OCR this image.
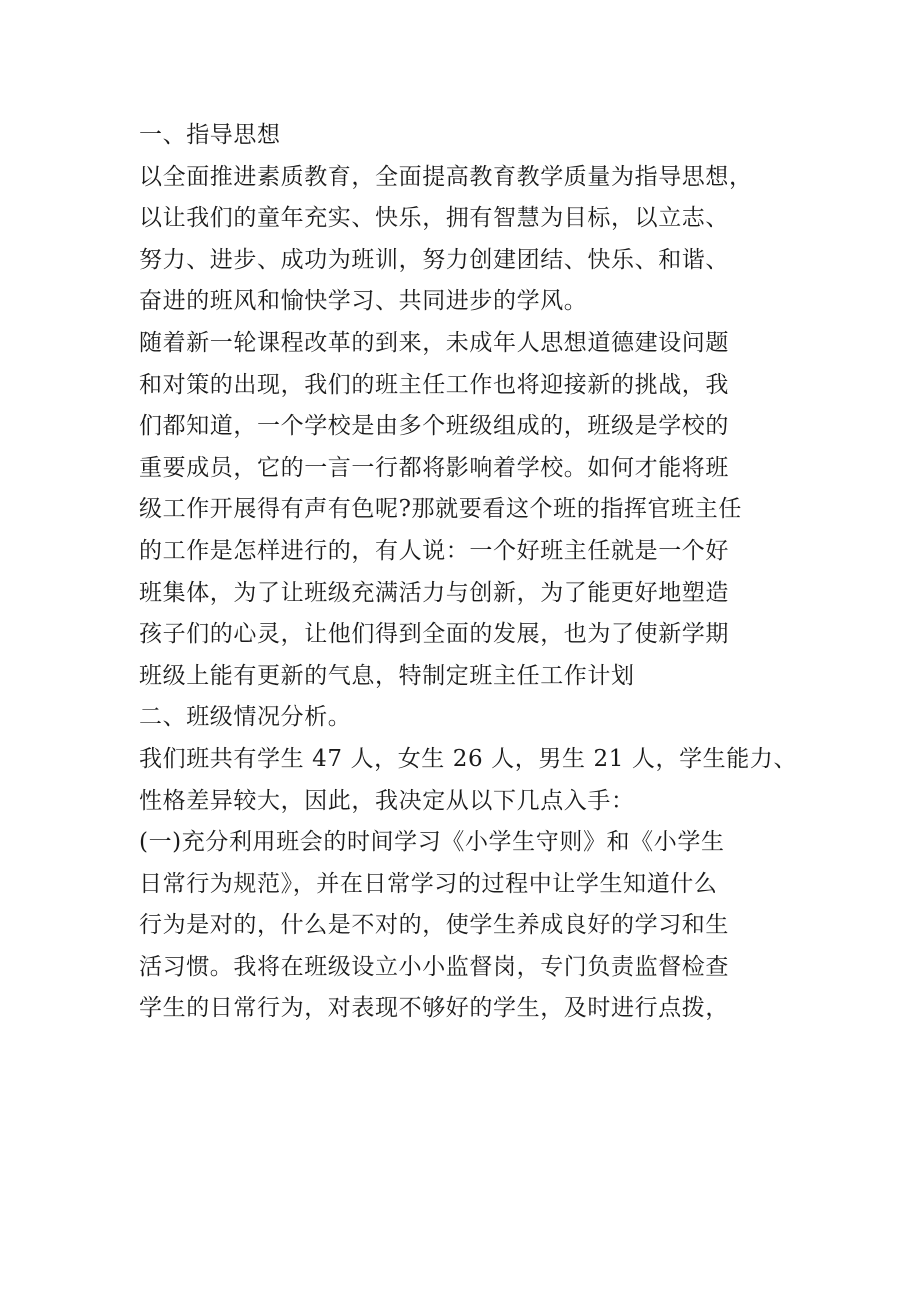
一、指导思想
以全面推进素质教育，全面提高教育教学质量为指导思想，
以让我们的童年充实、快乐，拥有智慧为目标，以立志、
努力、进步、成功为班训，努力创建团结、快乐、和谐、
奋进的班风和愉快学习、共同进步的学风。
随着新一轮课程改革的到来，未成年人思想道德建设问题
和对策的出现，我们的班主任工作也将迎接新的挑战，我
们都知道，一个学校是由多个班级组成的，班级是学校的
重要成员，它的一言一行都将影响着学校。如何才能将班
级工作开展得有声有色呢?那就要看这个班的指挥官班主任
的工作是怎样进行的，有人说：一个好班主任就是一个好
班集体，为了让班级充满活力与创新，为了能更好地塑造
孩子们的心灵，让他们得到全面的发展，也为了使新学期
班级上能有更新的气息，特制定班主任工作计划
二、班级情况分析。
我们班共有学生 47 人，女生 26 人，男生 21 人，学生能力、
性格差异较大，因此，我决定从以下几点入手：
(一)充分利用班会的时间学习《小学生守则》和《小学生
日常行为规范》，并在日常学习的过程中让学生知道什么
行为是对的，什么是不对的，使学生养成良好的学习和生
活习惯。我将在班级设立小小监督岗，专门负责监督检查
学生的日常行为，对表现不够好的学生，及时进行点拨，
